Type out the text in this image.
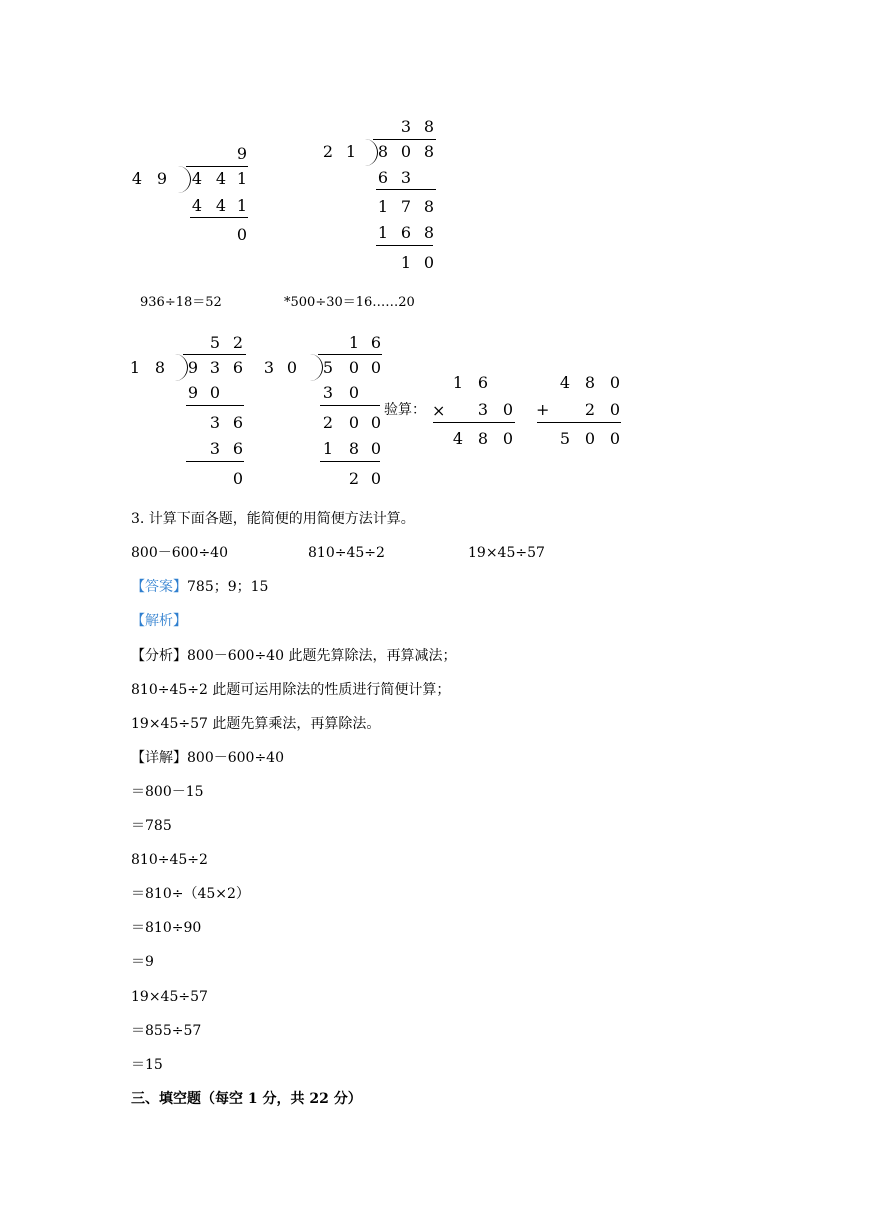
4 9
9
4 4 1
4 4 1
0
2 1
3 8
8 0 8
6 3
1 7 8
1 6 8
1 0
936÷18＝52	*500÷30＝16……20
1 8
5 2
9 3 6
9 0
3 6
3 6
0
3 0
1 6
5 0 0
3 0
2 0 0
1 8 0
2 0
验算：
1 6
×	3 0
4 8 0
4 8 0
+	2 0
5 0 0
3. 计算下面各题，能简便的用简便方法计算。
800－600÷40	810÷45÷2	19×45÷57
【答案】785；9；15
【解析】
【分析】800－600÷40 此题先算除法，再算减法；
810÷45÷2 此题可运用除法的性质进行简便计算；
19×45÷57 此题先算乘法，再算除法。
【详解】800－600÷40
＝800－15
＝785
810÷45÷2
＝810÷（45×2）
＝810÷90
＝9
19×45÷57
＝855÷57
＝15
三、填空题（每空 1 分，共 22 分）
